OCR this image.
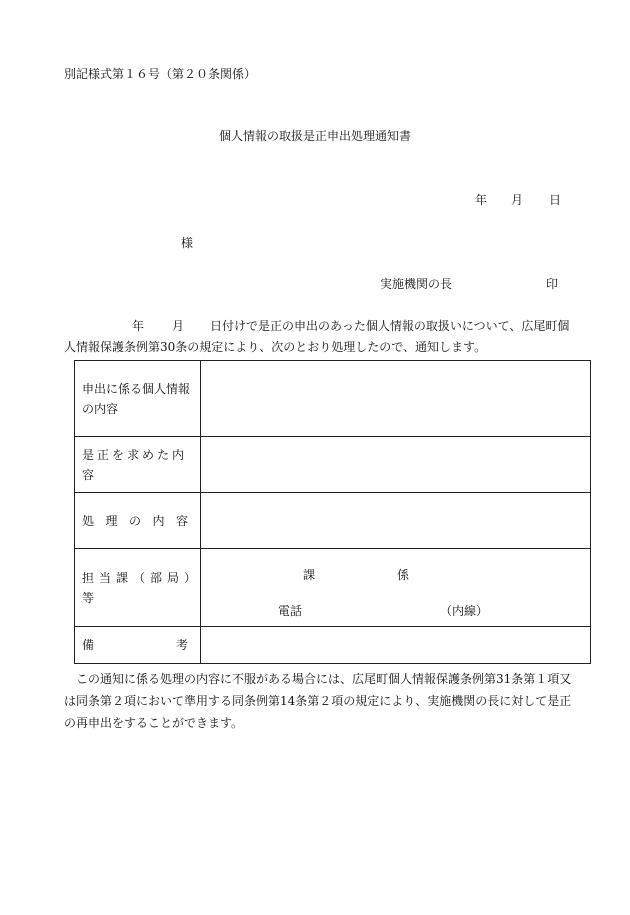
別記様式第１６号（第２０条関係）
個人情報の取扱是正申出処理通知書
年 月 日
様
実施機関の長	印
年 月 日付けで是正の申出のあった個人情報の取扱いについて、広尾町個人情報保護条例第30条の規定により、次のとおり処理したので、通知します。
申出に係る個人情報の内容	
是正を求めた内容	

処 理 の 内 容	

担当課（部局）等	課 係
電話 （内線）

備 考	

この通知に係る処理の内容に不服がある場合には、広尾町個人情報保護条例第31条第１項又は同条第２項において準用する同条例第14条第２項の規定により、実施機関の長に対して是正の再申出をすることができます。
